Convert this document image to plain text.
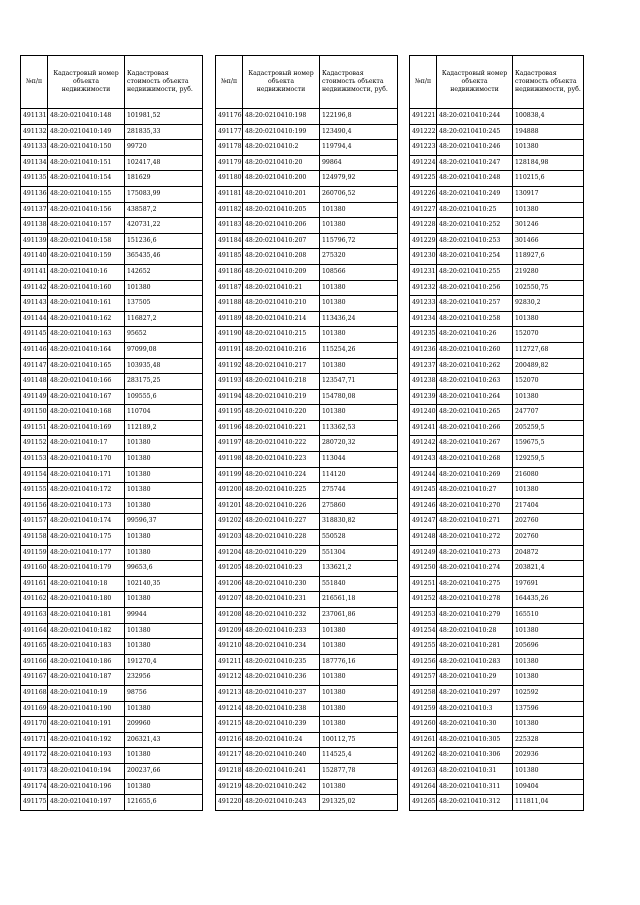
№п/п	Кадастровый номер объекта недвижимости	Кадастровая стоимость объекта недвижимости, руб.
491131	48:20:0210410:148	101981,52
491132	48:20:0210410:149	281835,33
491133	48:20:0210410:150	99720
491134	48:20:0210410:151	102417,48
491135	48:20:0210410:154	181629
491136	48:20:0210410:155	175083,99
491137	48:20:0210410:156	438587,2
491138	48:20:0210410:157	420731,22
491139	48:20:0210410:158	151236,6
491140	48:20:0210410:159	365435,46
491141	48:20:0210410:16	142652
491142	48:20:0210410:160	101380
491143	48:20:0210410:161	137505
491144	48:20:0210410:162	116827,2
491145	48:20:0210410:163	95652
491146	48:20:0210410:164	97099,08
491147	48:20:0210410:165	103935,48
491148	48:20:0210410:166	283175,25
491149	48:20:0210410:167	109555,6
491150	48:20:0210410:168	110704
491151	48:20:0210410:169	112189,2
491152	48:20:0210410:17	101380
491153	48:20:0210410:170	101380
491154	48:20:0210410:171	101380
491155	48:20:0210410:172	101380
491156	48:20:0210410:173	101380
491157	48:20:0210410:174	99596,37
491158	48:20:0210410:175	101380
491159	48:20:0210410:177	101380
491160	48:20:0210410:179	99653,6
491161	48:20:0210410:18	102140,35
491162	48:20:0210410:180	101380
491163	48:20:0210410:181	99944
491164	48:20:0210410:182	101380
491165	48:20:0210410:183	101380
491166	48:20:0210410:186	191270,4
491167	48:20:0210410:187	232956
491168	48:20:0210410:19	98756
491169	48:20:0210410:190	101380
491170	48:20:0210410:191	209960
491171	48:20:0210410:192	206321,43
491172	48:20:0210410:193	101380
491173	48:20:0210410:194	200237,66
491174	48:20:0210410:196	101380
491175	48:20:0210410:197	121655,6
№п/п	Кадастровый номер объекта недвижимости	Кадастровая стоимость объекта недвижимости, руб.
491176	48:20:0210410:198	122196,8
491177	48:20:0210410:199	123490,4
491178	48:20:0210410:2	119794,4
491179	48:20:0210410:20	99864
491180	48:20:0210410:200	124979,92
491181	48:20:0210410:201	260706,52
491182	48:20:0210410:205	101380
491183	48:20:0210410:206	101380
491184	48:20:0210410:207	115796,72
491185	48:20:0210410:208	275320
491186	48:20:0210410:209	108566
491187	48:20:0210410:21	101380
491188	48:20:0210410:210	101380
491189	48:20:0210410:214	113436,24
491190	48:20:0210410:215	101380
491191	48:20:0210410:216	115254,26
491192	48:20:0210410:217	101380
491193	48:20:0210410:218	123547,71
491194	48:20:0210410:219	154780,08
491195	48:20:0210410:220	101380
491196	48:20:0210410:221	113362,53
491197	48:20:0210410:222	280720,32
491198	48:20:0210410:223	113044
491199	48:20:0210410:224	114120
491200	48:20:0210410:225	275744
491201	48:20:0210410:226	275860
491202	48:20:0210410:227	318830,82
491203	48:20:0210410:228	550528
491204	48:20:0210410:229	551304
491205	48:20:0210410:23	133621,2
491206	48:20:0210410:230	551840
491207	48:20:0210410:231	216561,18
491208	48:20:0210410:232	237061,86
491209	48:20:0210410:233	101380
491210	48:20:0210410:234	101380
491211	48:20:0210410:235	187776,16
491212	48:20:0210410:236	101380
491213	48:20:0210410:237	101380
491214	48:20:0210410:238	101380
491215	48:20:0210410:239	101380
491216	48:20:0210410:24	100112,75
491217	48:20:0210410:240	114525,4
491218	48:20:0210410:241	152877,78
491219	48:20:0210410:242	101380
491220	48:20:0210410:243	291325,02
№п/п	Кадастровый номер объекта недвижимости	Кадастровая стоимость объекта недвижимости, руб.
491221	48:20:0210410:244	100838,4
491222	48:20:0210410:245	194888
491223	48:20:0210410:246	101380
491224	48:20:0210410:247	128184,98
491225	48:20:0210410:248	110215,6
491226	48:20:0210410:249	130917
491227	48:20:0210410:25	101380
491228	48:20:0210410:252	301246
491229	48:20:0210410:253	301466
491230	48:20:0210410:254	118927,6
491231	48:20:0210410:255	219280
491232	48:20:0210410:256	102550,75
491233	48:20:0210410:257	92830,2
491234	48:20:0210410:258	101380
491235	48:20:0210410:26	152070
491236	48:20:0210410:260	112727,68
491237	48:20:0210410:262	200489,82
491238	48:20:0210410:263	152070
491239	48:20:0210410:264	101380
491240	48:20:0210410:265	247707
491241	48:20:0210410:266	205259,5
491242	48:20:0210410:267	159675,5
491243	48:20:0210410:268	129259,5
491244	48:20:0210410:269	216080
491245	48:20:0210410:27	101380
491246	48:20:0210410:270	217404
491247	48:20:0210410:271	202760
491248	48:20:0210410:272	202760
491249	48:20:0210410:273	204872
491250	48:20:0210410:274	203821,4
491251	48:20:0210410:275	197691
491252	48:20:0210410:278	164435,26
491253	48:20:0210410:279	165510
491254	48:20:0210410:28	101380
491255	48:20:0210410:281	205696
491256	48:20:0210410:283	101380
491257	48:20:0210410:29	101380
491258	48:20:0210410:297	102592
491259	48:20:0210410:3	137596
491260	48:20:0210410:30	101380
491261	48:20:0210410:305	225328
491262	48:20:0210410:306	202936
491263	48:20:0210410:31	101380
491264	48:20:0210410:311	109404
491265	48:20:0210410:312	111811,04
